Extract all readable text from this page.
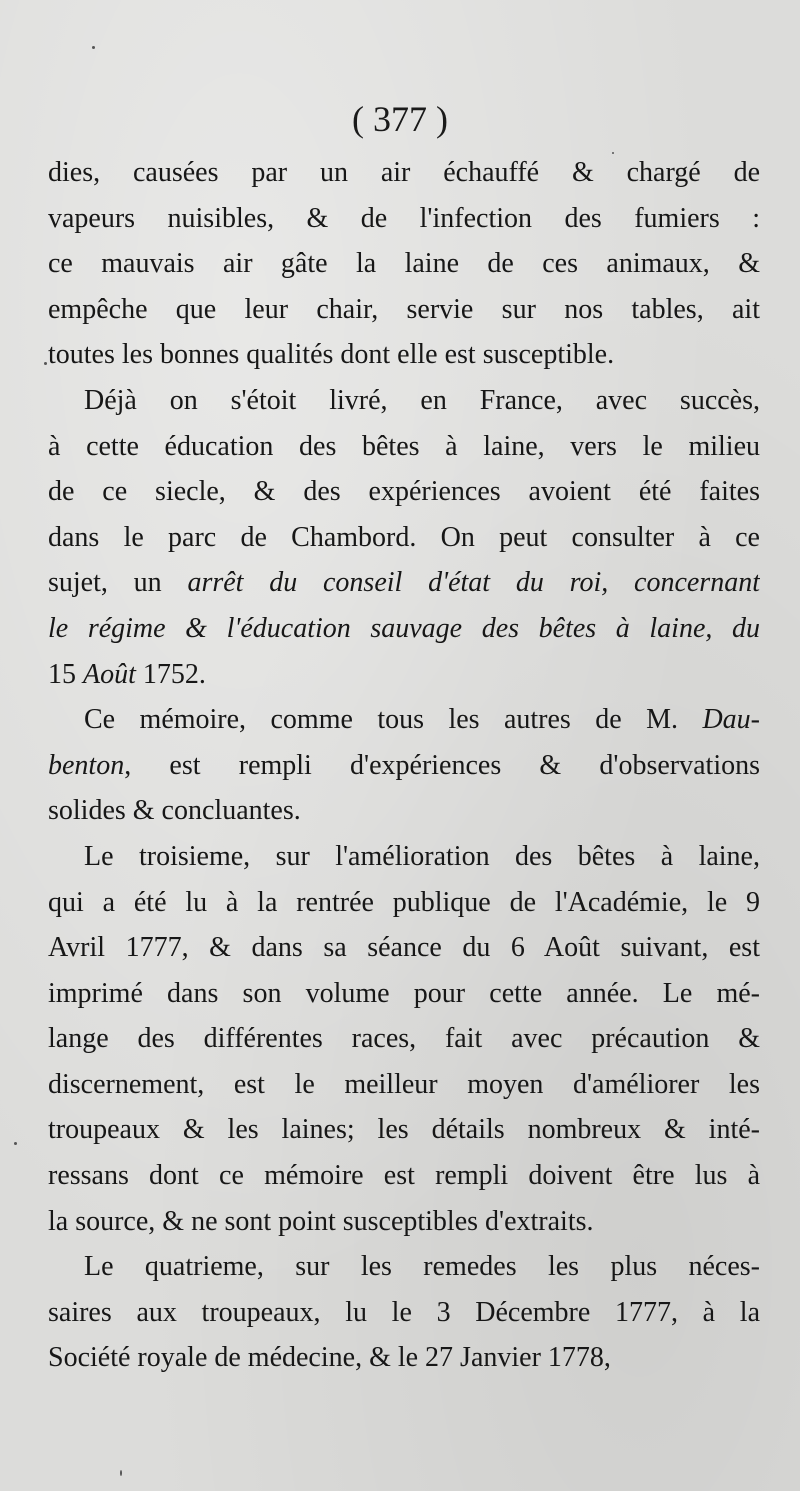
( 377 )
dies, causées par un air échauffé & chargé de
vapeurs nuisibles, & de l'infection des fumiers :
ce mauvais air gâte la laine de ces animaux, &
empêche que leur chair, servie sur nos tables, ait
toutes les bonnes qualités dont elle est susceptible.
Déjà on s'étoit livré, en France, avec succès,
à cette éducation des bêtes à laine, vers le milieu
de ce siecle, & des expériences avoient été faites
dans le parc de Chambord. On peut consulter à ce
sujet, un arrêt du conseil d'état du roi, concernant
le régime & l'éducation sauvage des bêtes à laine, du
15 Août 1752.
Ce mémoire, comme tous les autres de M. Dau-
benton, est rempli d'expériences & d'observations
solides & concluantes.
Le troisieme, sur l'amélioration des bêtes à laine,
qui a été lu à la rentrée publique de l'Académie, le 9
Avril 1777, & dans sa séance du 6 Août suivant, est
imprimé dans son volume pour cette année. Le mé-
lange des différentes races, fait avec précaution &
discernement, est le meilleur moyen d'améliorer les
troupeaux & les laines; les détails nombreux & inté-
ressans dont ce mémoire est rempli doivent être lus à
la source, & ne sont point susceptibles d'extraits.
Le quatrieme, sur les remedes les plus néces-
saires aux troupeaux, lu le 3 Décembre 1777, à la
Société royale de médecine, & le 27 Janvier 1778,
